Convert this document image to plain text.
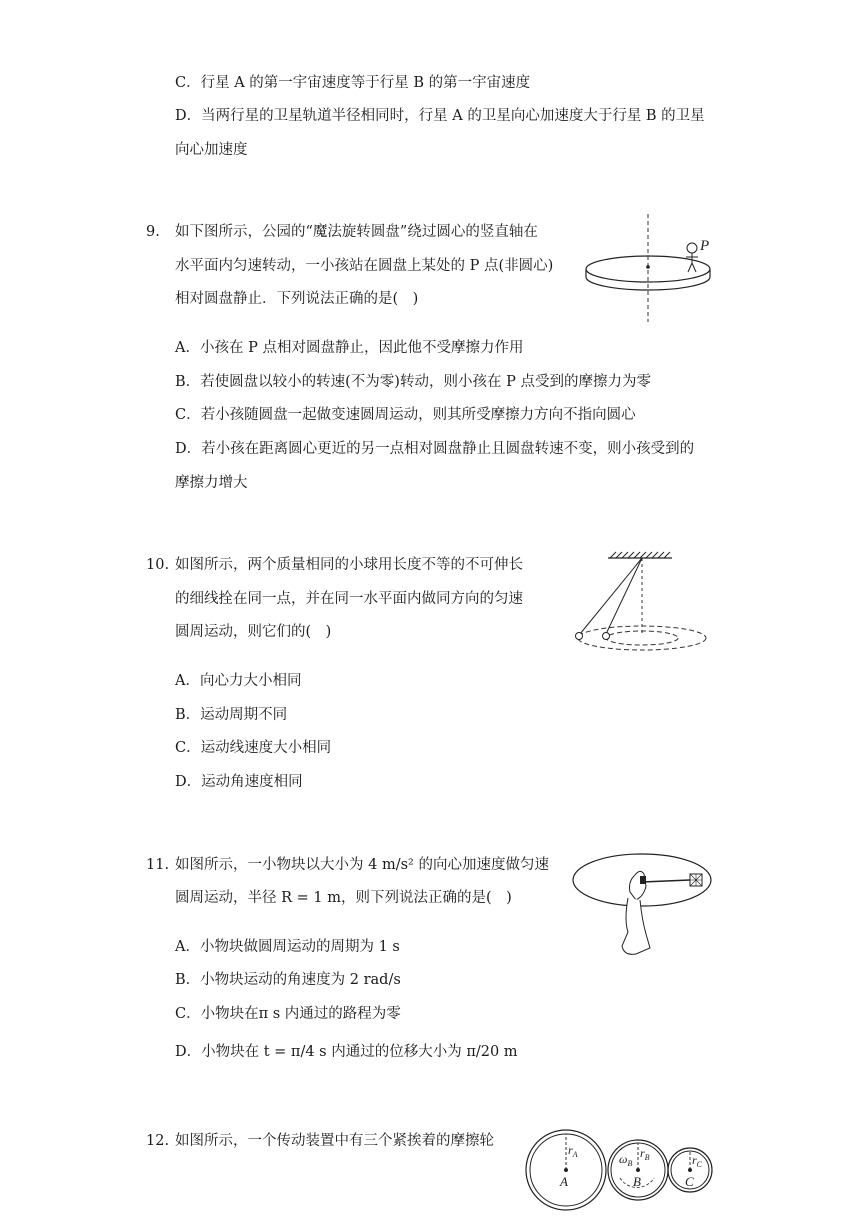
C．行星 A 的第一宇宙速度等于行星 B 的第一宇宙速度
D．当两行星的卫星轨道半径相同时，行星 A 的卫星向心加速度大于行星 B 的卫星
向心加速度
9. 如下图所示，公园的“魔法旋转圆盘”绕过圆心的竖直轴在
水平面内匀速转动，一小孩站在圆盘上某处的 P 点(非圆心)
相对圆盘静止．下列说法正确的是(　)
P
A．小孩在 P 点相对圆盘静止，因此他不受摩擦力作用
B．若使圆盘以较小的转速(不为零)转动，则小孩在 P 点受到的摩擦力为零
C．若小孩随圆盘一起做变速圆周运动，则其所受摩擦力方向不指向圆心
D．若小孩在距离圆心更近的另一点相对圆盘静止且圆盘转速不变，则小孩受到的
摩擦力增大
10. 如图所示，两个质量相同的小球用长度不等的不可伸长
的细线拴在同一点，并在同一水平面内做同方向的匀速
圆周运动，则它们的(　)
A．向心力大小相同
B．运动周期不同
C．运动线速度大小相同
D．运动角速度相同
11. 如图所示，一小物块以大小为 4 m/s² 的向心加速度做匀速
圆周运动，半径 R = 1 m，则下列说法正确的是(　)
A．小物块做圆周运动的周期为 1 s
B．小物块运动的角速度为 2 rad/s
C．小物块在π s 内通过的路程为零
D．小物块在 t = π/4 s 内通过的位移大小为 π/20 m
12. 如图所示，一个传动装置中有三个紧挨着的摩擦轮
$r_A$
A
$\omega_B$
$r_B$
B
$r_C$
C
